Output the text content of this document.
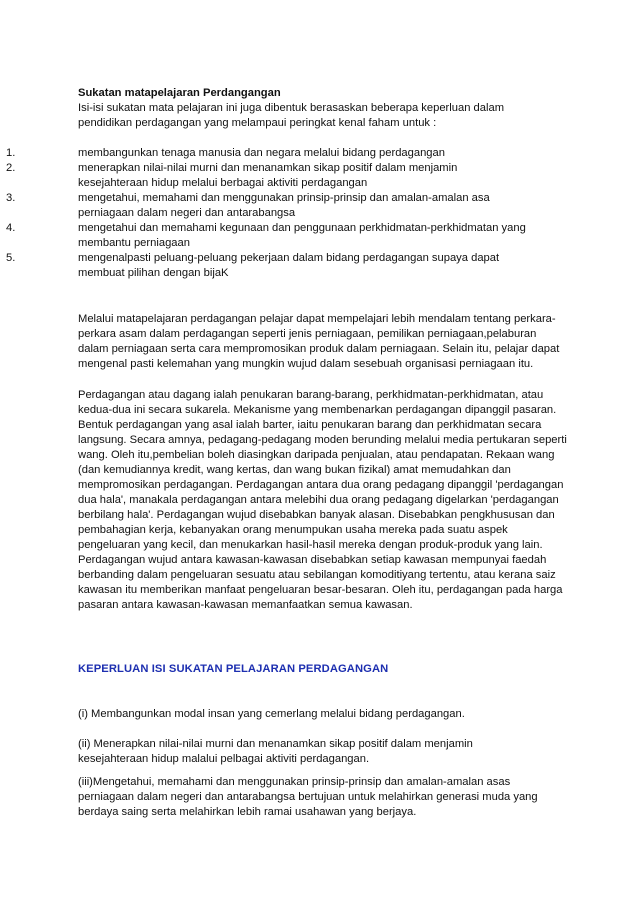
Sukatan matapelajaran Perdangangan
Isi-isi sukatan mata pelajaran ini juga dibentuk berasaskan beberapa keperluan dalam pendidikan perdagangan yang melampaui peringkat kenal faham untuk :
1.	membangunkan tenaga manusia dan negara melalui bidang perdagangan
2.	menerapkan nilai-nilai murni dan menanamkan sikap positif dalam menjamin kesejahteraan hidup melalui berbagai aktiviti perdagangan
3.	mengetahui, memahami dan menggunakan prinsip-prinsip dan amalan-amalan asa perniagaan dalam negeri dan antarabangsa
4.	mengetahui dan memahami kegunaan dan penggunaan perkhidmatan-perkhidmatan yang membantu perniagaan
5.	mengenalpasti peluang-peluang pekerjaan dalam bidang perdagangan supaya dapat membuat pilihan dengan bijaK
Melalui matapelajaran perdagangan pelajar dapat mempelajari lebih mendalam tentang perkara-perkara asam dalam perdagangan seperti jenis perniagaan, pemilikan perniagaan,pelaburan dalam perniagaan serta cara mempromosikan produk dalam perniagaan. Selain itu, pelajar dapat mengenal pasti kelemahan yang mungkin wujud dalam sesebuah organisasi perniagaan itu.
Perdagangan atau dagang ialah penukaran barang-barang, perkhidmatan-perkhidmatan, atau kedua-dua ini secara sukarela. Mekanisme yang membenarkan perdagangan dipanggil pasaran. Bentuk perdagangan yang asal ialah barter, iaitu penukaran barang dan perkhidmatan secara langsung. Secara amnya, pedagang-pedagang moden berunding melalui media pertukaran seperti wang. Oleh itu,pembelian boleh diasingkan daripada penjualan, atau pendapatan. Rekaan wang (dan kemudiannya kredit, wang kertas, dan wang bukan fizikal) amat memudahkan dan mempromosikan perdagangan. Perdagangan antara dua orang pedagang dipanggil 'perdagangan dua hala', manakala perdagangan antara melebihi dua orang pedagang digelarkan 'perdagangan berbilang hala'. Perdagangan wujud disebabkan banyak alasan. Disebabkan pengkhususan dan pembahagian kerja, kebanyakan orang menumpukan usaha mereka pada suatu aspek pengeluaran yang kecil, dan menukarkan hasil-hasil mereka dengan produk-produk yang lain. Perdagangan wujud antara kawasan-kawasan disebabkan setiap kawasan mempunyai faedah berbanding dalam pengeluaran sesuatu atau sebilangan komoditiyang tertentu, atau kerana saiz kawasan itu memberikan manfaat pengeluaran besar-besaran. Oleh itu, perdagangan pada harga pasaran antara kawasan-kawasan memanfaatkan semua kawasan.
KEPERLUAN ISI SUKATAN PELAJARAN PERDAGANGAN
(i) Membangunkan modal insan yang cemerlang melalui bidang perdagangan.
(ii) Menerapkan nilai-nilai murni dan menanamkan sikap positif dalam menjamin kesejahteraan hidup malalui pelbagai aktiviti perdagangan.
(iii)Mengetahui, memahami dan menggunakan prinsip-prinsip dan amalan-amalan asas perniagaan dalam negeri dan antarabangsa bertujuan untuk melahirkan generasi muda yang berdaya saing serta melahirkan lebih ramai usahawan yang berjaya.
